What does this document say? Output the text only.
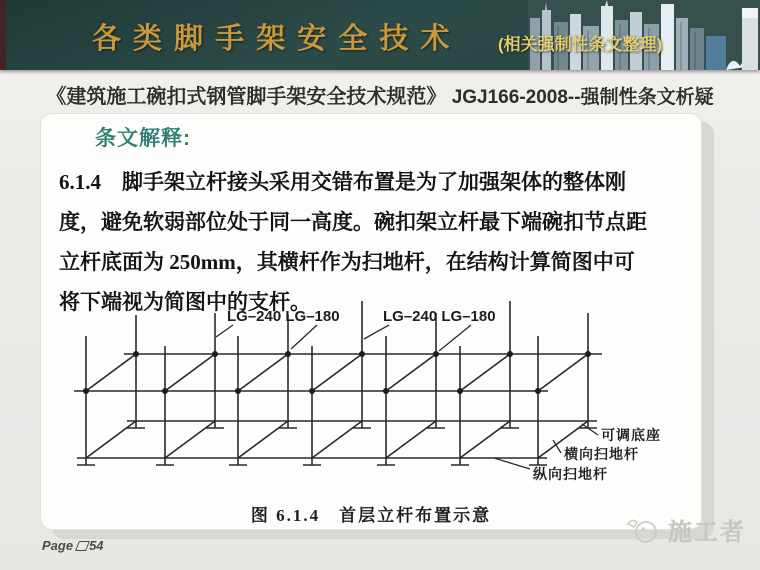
各 类 脚 手 架 安 全 技 术	(相关强制性条文整理)
《建筑施工碗扣式钢管脚手架安全技术规范》 JGJ166-2008--强制性条文析疑
条文解释:
6.1.4　脚手架立杆接头采用交错布置是为了加强架体的整体刚
度，避免软弱部位处于同一高度。碗扣架立杆最下端碗扣节点距
立杆底面为 250mm，其横杆作为扫地杆，在结构计算简图中可
将下端视为简图中的支杆。
LG–240 LG–180	LG–240 LG–180
可调底座
横向扫地杆
纵向扫地杆
图 6.1.4　首层立杆布置示意
Page 54	施工者
